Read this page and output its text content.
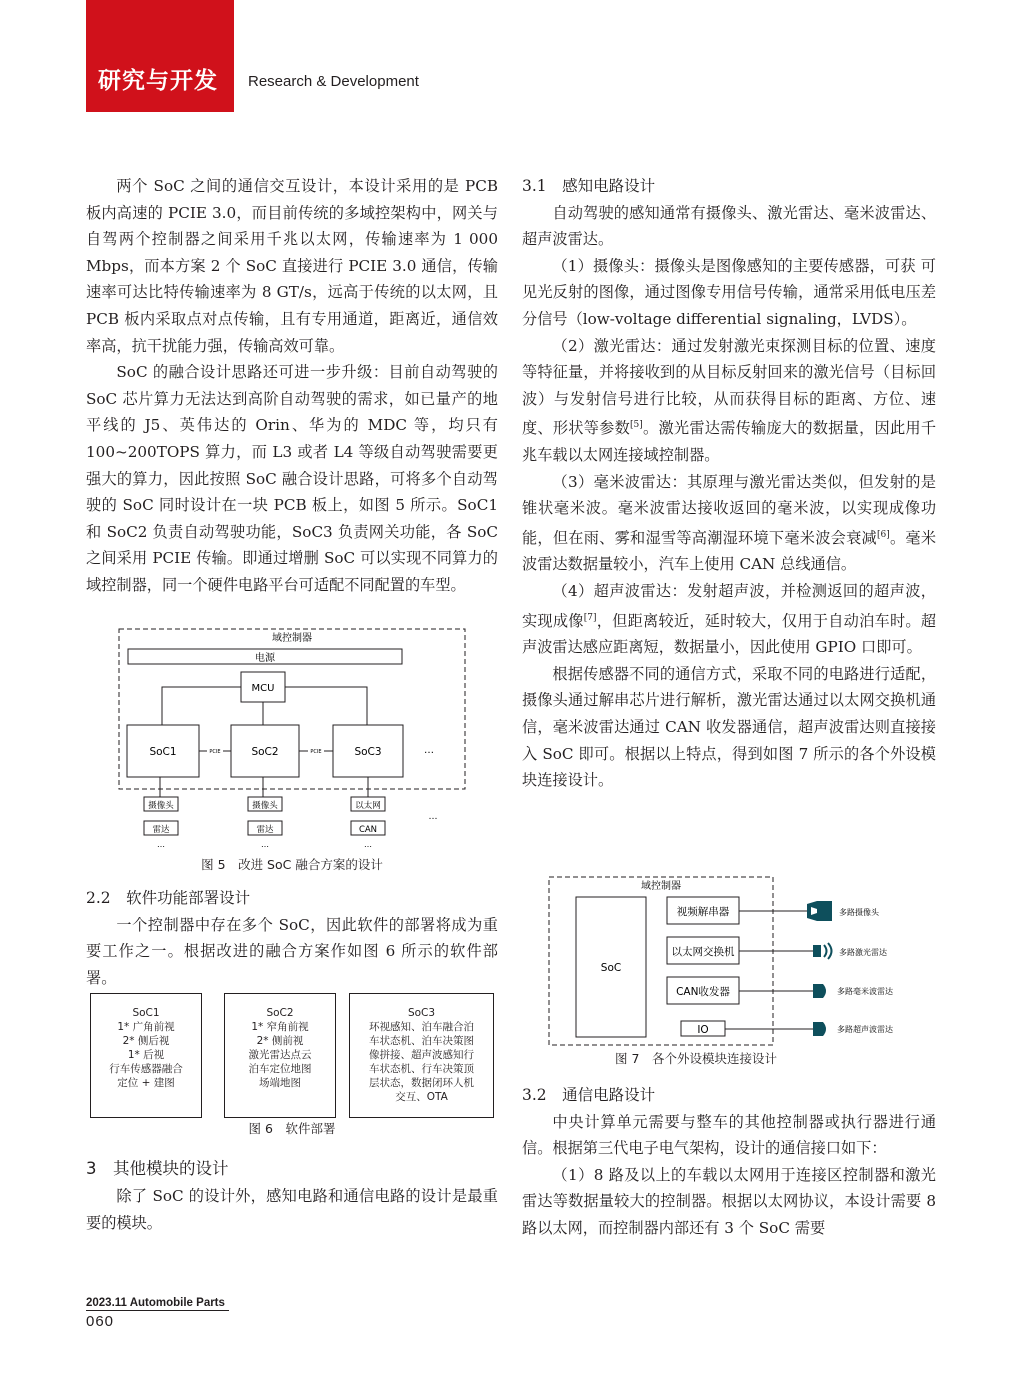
研究与开发 Research & Development

两个 SoC 之间的通信交互设计，本设计采用的是 PCB 板内高速的 PCIE 3.0，而目前传统的多域控架构中，网关与自驾两个控制器之间采用千兆以太网，传输速率为 1 000 Mbps，而本方案 2 个 SoC 直接进行 PCIE 3.0 通信，传输速率可达比特传输速率为 8 GT/s，远高于传统的以太网，且 PCB 板内采取点对点传输，且有专用通道，距离近，通信效率高，抗干扰能力强，传输高效可靠。

SoC 的融合设计思路还可进一步升级：目前自动驾驶的 SoC 芯片算力无法达到高阶自动驾驶的需求，如已量产的地平线的 J5、英伟达的 Orin、华为的 MDC 等，均只有 100~200TOPS 算力，而 L3 或者 L4 等级自动驾驶需要更强大的算力，因此按照 SoC 融合设计思路，可将多个自动驾驶的 SoC 同时设计在一块 PCB 板上，如图 5 所示。SoC1 和 SoC2 负责自动驾驶功能，SoC3 负责网关功能，各 SoC 之间采用 PCIE 传输。即通过增删 SoC 可以实现不同算力的域控制器，同一个硬件电路平台可适配不同配置的车型。

域控制器
电源
MCU
SoC1	SoC2	SoC3
PCIE	PCIE	…
摄像头	摄像头	以太网
雷达	雷达	CAN
…	…	…
…
图 5　改进 SoC 融合方案的设计

2.2　软件功能部署设计

一个控制器中存在多个 SoC，因此软件的部署将成为重要工作之一。根据改进的融合方案作如图 6 所示的软件部署。

SoC1
1* 广角前视
2* 侧后视
1* 后视
行车传感器融合
定位 + 建图
SoC2
1* 窄角前视
2* 侧前视
激光雷达点云
泊车定位地图
场端地图
SoC3
环视感知、泊车融合泊
车状态机、泊车决策图
像拼接、超声波感知行
车状态机、行车决策顶
层状态，数据闭环人机
交互、OTA
图 6　软件部署

3　其他模块的设计

除了 SoC 的设计外，感知电路和通信电路的设计是最重要的模块。

3.1　感知电路设计

自动驾驶的感知通常有摄像头、激光雷达、毫米波雷达、超声波雷达。

（1）摄像头：摄像头是图像感知的主要传感器，可获 可见光反射的图像，通过图像专用信号传输，通常采用低电压差分信号（low-voltage differential signaling，LVDS）。

（2）激光雷达：通过发射激光束探测目标的位置、速度等特征量，并将接收到的从目标反射回来的激光信号（目标回波）与发射信号进行比较，从而获得目标的距离、方位、速度、形状等参数[5]。激光雷达需传输庞大的数据量，因此用千兆车载以太网连接域控制器。

（3）毫米波雷达：其原理与激光雷达类似，但发射的是锥状毫米波。毫米波雷达接收返回的毫米波，以实现成像功能，但在雨、雾和湿雪等高潮湿环境下毫米波会衰减[6]。毫米波雷达数据量较小，汽车上使用 CAN 总线通信。

（4）超声波雷达：发射超声波，并检测返回的超声波，实现成像[7]，但距离较近，延时较大，仅用于自动泊车时。超声波雷达感应距离短，数据量小，因此使用 GPIO 口即可。

根据传感器不同的通信方式，采取不同的电路进行适配，摄像头通过解串芯片进行解析，激光雷达通过以太网交换机通信，毫米波雷达通过 CAN 收发器通信，超声波雷达则直接接入 SoC 即可。根据以上特点，得到如图 7 所示的各个外设模块连接设计。

域控制器
SoC
视频解串器
以太网交换机
CAN收发器
IO
多路摄像头
多路激光雷达
多路毫米波雷达
多路超声波雷达
图 7　各个外设模块连接设计

3.2　通信电路设计

中央计算单元需要与整车的其他控制器或执行器进行通信。根据第三代电子电气架构，设计的通信接口如下：

（1）8 路及以上的车载以太网用于连接区控制器和激光雷达等数据量较大的控制器。根据以太网协议，本设计需要 8 路以太网，而控制器内部还有 3 个 SoC 需要

2023.11 Automobile Parts
060
